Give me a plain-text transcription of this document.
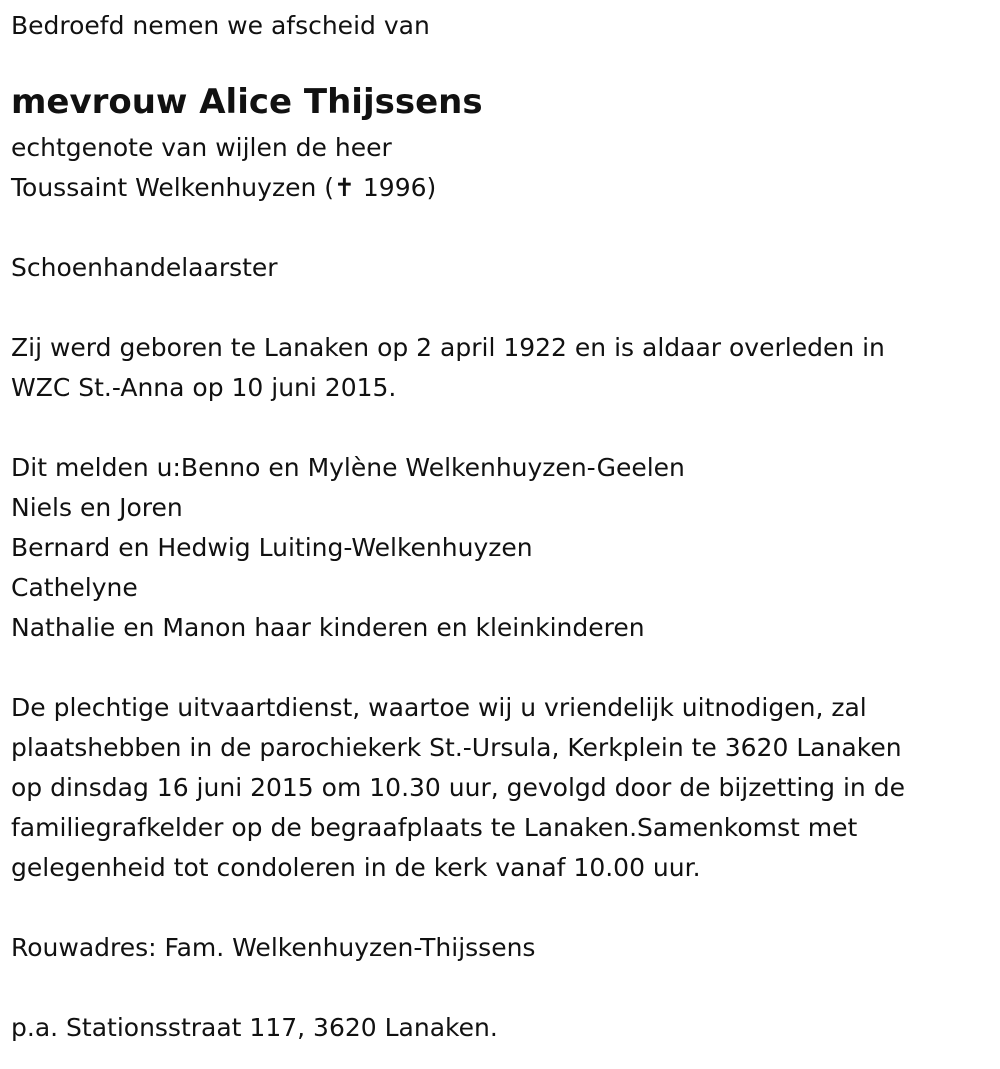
Bedroefd nemen we afscheid van
mevrouw Alice Thijssens
echtgenote van wijlen de heer
Toussaint Welkenhuyzen (✝ 1996)
Schoenhandelaarster
Zij werd geboren te Lanaken op 2 april 1922 en is aldaar overleden in
WZC St.-Anna op 10 juni 2015.
Dit melden u:Benno en Mylène Welkenhuyzen-Geelen
Niels en Joren
Bernard en Hedwig Luiting-Welkenhuyzen
Cathelyne
Nathalie en Manon haar kinderen en kleinkinderen
De plechtige uitvaartdienst, waartoe wij u vriendelijk uitnodigen, zal
plaatshebben in de parochiekerk St.-Ursula, Kerkplein te 3620 Lanaken
op dinsdag 16 juni 2015 om 10.30 uur, gevolgd door de bijzetting in de
familiegrafkelder op de begraafplaats te Lanaken.Samenkomst met
gelegenheid tot condoleren in de kerk vanaf 10.00 uur.
Rouwadres: Fam. Welkenhuyzen-Thijssens
p.a. Stationsstraat 117, 3620 Lanaken.
